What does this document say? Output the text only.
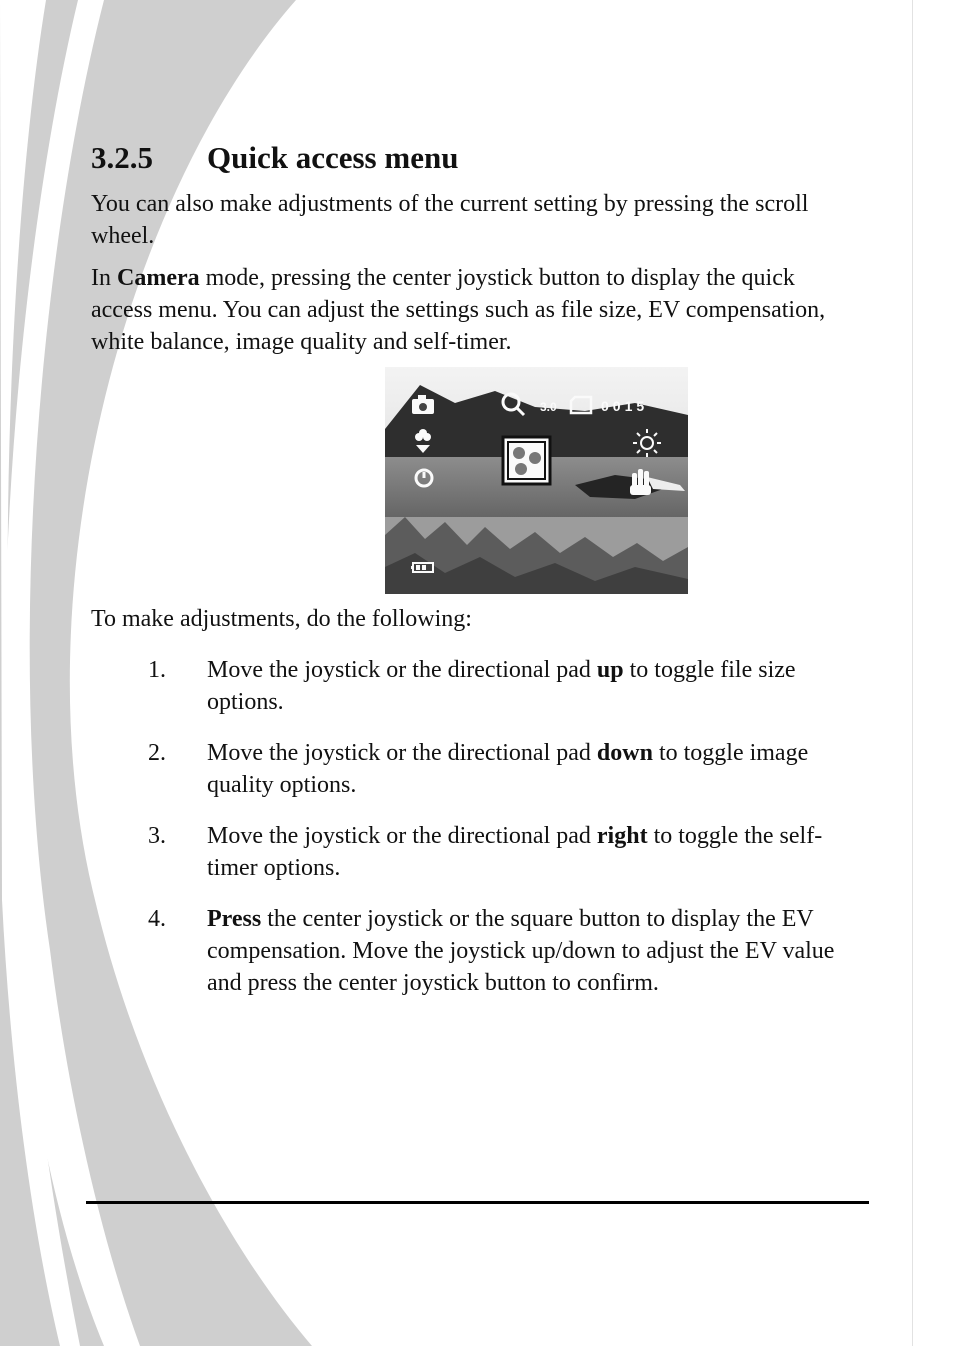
3.2.5 Quick access menu

You can also make adjustments of the current setting by pressing the scroll wheel.

In Camera mode, pressing the center joystick button to display the quick access menu. You can adjust the settings such as file size, EV compensation, white balance, image quality and self-timer.

3.0	0015

To make adjustments, do the following:

1. Move the joystick or the directional pad up to toggle file size options.
2. Move the joystick or the directional pad down to toggle image quality options.
3. Move the joystick or the directional pad right to toggle the self-timer options.
4. Press the center joystick or the square button to display the EV compensation. Move the joystick up/down to adjust the EV value and press the center joystick button to confirm.
